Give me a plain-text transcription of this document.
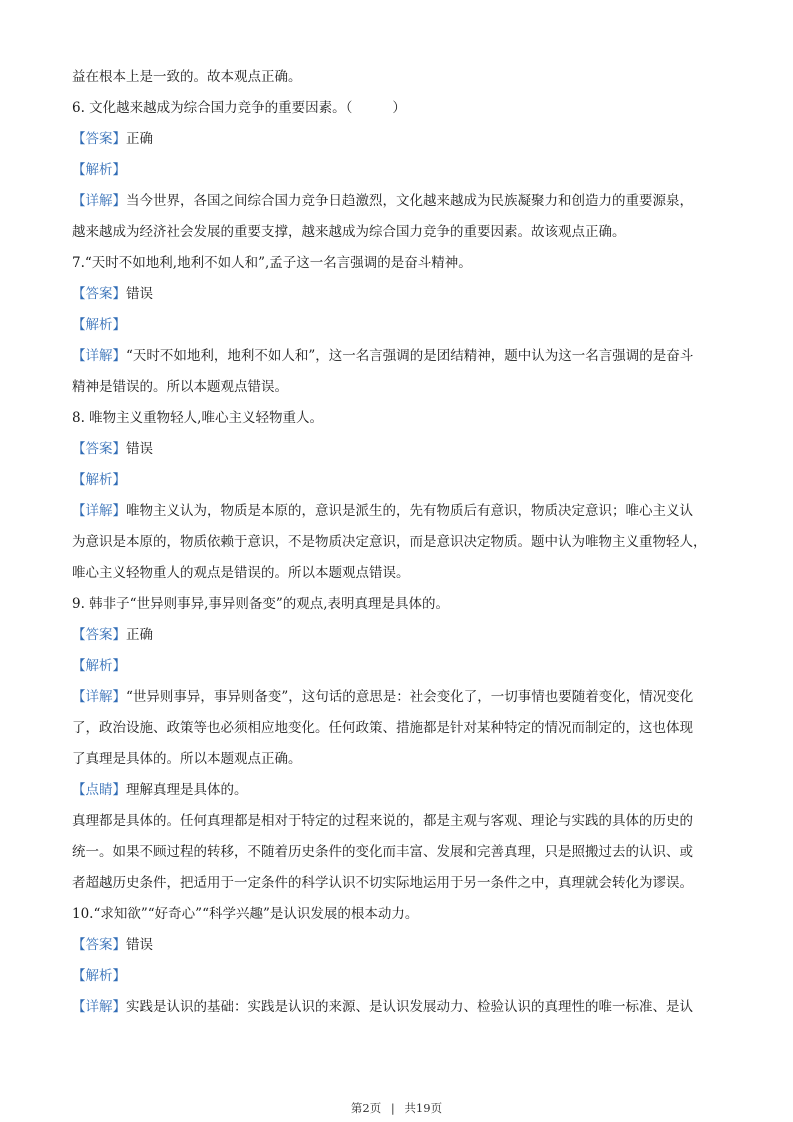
益在根本上是一致的。故本观点正确。
6. 文化越来越成为综合国力竞争的重要因素。（	）
【答案】正确
【解析】
【详解】当今世界，各国之间综合国力竞争日趋激烈，文化越来越成为民族凝聚力和创造力的重要源泉，
越来越成为经济社会发展的重要支撑，越来越成为综合国力竞争的重要因素。故该观点正确。
7.“天时不如地利,地利不如人和”,孟子这一名言强调的是奋斗精神。
【答案】错误
【解析】
【详解】“天时不如地利，地利不如人和”，这一名言强调的是团结精神，题中认为这一名言强调的是奋斗
精神是错误的。所以本题观点错误。
8. 唯物主义重物轻人,唯心主义轻物重人。
【答案】错误
【解析】
【详解】唯物主义认为，物质是本原的，意识是派生的，先有物质后有意识，物质决定意识；唯心主义认
为意识是本原的，物质依赖于意识，不是物质决定意识，而是意识决定物质。题中认为唯物主义重物轻人，
唯心主义轻物重人的观点是错误的。所以本题观点错误。
9. 韩非子“世异则事异,事异则备变”的观点,表明真理是具体的。
【答案】正确
【解析】
【详解】“世异则事异，事异则备变”，这句话的意思是：社会变化了，一切事情也要随着变化，情况变化
了，政治设施、政策等也必须相应地变化。任何政策、措施都是针对某种特定的情况而制定的，这也体现
了真理是具体的。所以本题观点正确。
【点睛】理解真理是具体的。
真理都是具体的。任何真理都是相对于特定的过程来说的，都是主观与客观、理论与实践的具体的历史的
统一。如果不顾过程的转移，不随着历史条件的变化而丰富、发展和完善真理，只是照搬过去的认识、或
者超越历史条件，把适用于一定条件的科学认识不切实际地运用于另一条件之中，真理就会转化为谬误。
10.“求知欲”“好奇心”“科学兴趣”是认识发展的根本动力。
【答案】错误
【解析】
【详解】实践是认识的基础：实践是认识的来源、是认识发展动力、检验认识的真理性的唯一标准、是认
第2页 | 共19页
